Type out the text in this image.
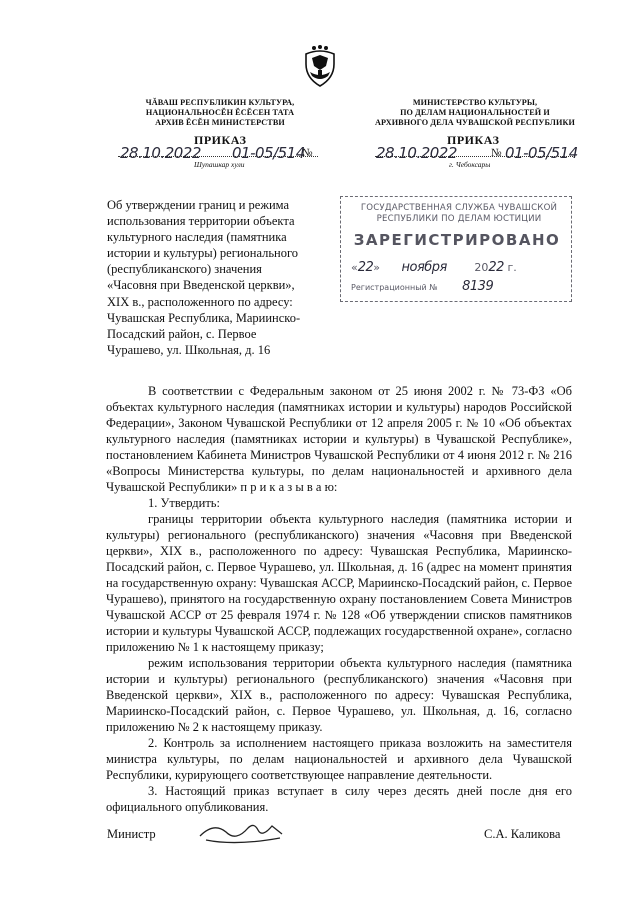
ЧĂВАШ РЕСПУБЛИКИН КУЛЬТУРА,
НАЦИОНАЛЬНОСĔН ĔСĔСЕН ТАТА
АРХИВ ĔСĔН МИНИСТЕРСТВИ
МИНИСТЕРСТВО КУЛЬТУРЫ,
ПО ДЕЛАМ НАЦИОНАЛЬНОСТЕЙ И
АРХИВНОГО ДЕЛА ЧУВАШСКОЙ РЕСПУБЛИКИ
ПРИКАЗ
28.10.2022 01-05/514
№
Шупашкар хули
ПРИКАЗ
28.10.2022	№ 01-05/514
г. Чебоксары
Об утверждении границ и режима
использования территории объекта
культурного наследия (памятника
истории и культуры) регионального
(республиканского) значения
«Часовня при Введенской церкви»,
XIX в., расположенного по адресу:
Чувашская Республика, Мариинско-
Посадский район, с. Первое
Чурашево, ул. Школьная, д. 16
ГОСУДАРСТВЕННАЯ СЛУЖБА ЧУВАШСКОЙ
РЕСПУБЛИКИ ПО ДЕЛАМ ЮСТИЦИИ
ЗАРЕГИСТРИРОВАНО
«22» ноября	2022 г.
Регистрационный № 8139

В соответствии с Федеральным законом от 25 июня 2002 г. № 73-ФЗ «Об объектах культурного наследия (памятниках истории и культуры) народов Российской Федерации», Законом Чувашской Республики от 12 апреля 2005 г. № 10 «Об объектах культурного наследия (памятниках истории и культуры) в Чувашской Республике», постановлением Кабинета Министров Чувашской Республики от 4 июня 2012 г. № 216 «Вопросы Министерства культуры, по делам национальностей и архивного дела Чувашской Республики» п р и к а з ы в а ю:

1. Утвердить:

границы территории объекта культурного наследия (памятника истории и культуры) регионального (республиканского) значения «Часовня при Введенской церкви», XIX в., расположенного по адресу: Чувашская Республика, Мариинско-Посадский район, с. Первое Чурашево, ул. Школьная, д. 16 (адрес на момент принятия на государственную охрану: Чувашская АССР, Мариинско-Посадский район, с. Первое Чурашево), принятого на государственную охрану постановлением Совета Министров Чувашской АССР от 25 февраля 1974 г. № 128 «Об утверждении списков памятников истории и культуры Чувашской АССР, подлежащих государственной охране», согласно приложению № 1 к настоящему приказу;

режим использования территории объекта культурного наследия (памятника истории и культуры) регионального (республиканского) значения «Часовня при Введенской церкви», XIX в., расположенного по адресу: Чувашская Республика, Мариинско-Посадский район, с. Первое Чурашево, ул. Школьная, д. 16, согласно приложению № 2 к настоящему приказу.

2. Контроль за исполнением настоящего приказа возложить на заместителя министра культуры, по делам национальностей и архивного дела Чувашской Республики, курирующего соответствующее направление деятельности.

3. Настоящий приказ вступает в силу через десять дней после дня его официального опубликования.

Министр	С.А. Каликова
